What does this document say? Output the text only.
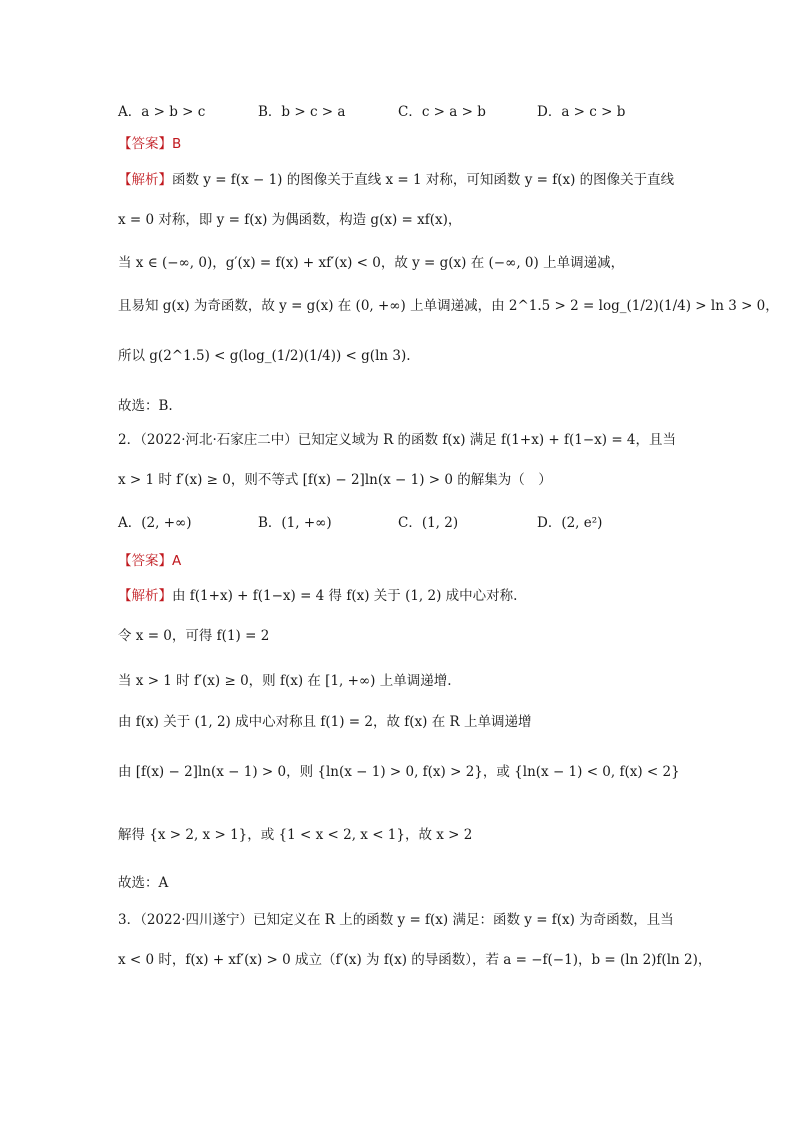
A．a > b > c	B．b > c > a	C．c > a > b	D．a > c > b
【答案】B
【解析】函数 y = f(x − 1) 的图像关于直线 x = 1 对称，可知函数 y = f(x) 的图像关于直线
x = 0 对称，即 y = f(x) 为偶函数，构造 g(x) = xf(x)，
当 x ∈ (−∞, 0)，g′(x) = f(x) + xf′(x) < 0，故 y = g(x) 在 (−∞, 0) 上单调递减，
且易知 g(x) 为奇函数，故 y = g(x) 在 (0, +∞) 上单调递减，由 2^1.5 > 2 = log_(1/2)(1/4) > ln 3 > 0，
所以 g(2^1.5) < g(log_(1/2)(1/4)) < g(ln 3).
故选：B.
2．（2022·河北·石家庄二中）已知定义域为 R 的函数 f(x) 满足 f(1+x) + f(1−x) = 4，且当
x > 1 时 f′(x) ≥ 0，则不等式 [f(x) − 2]ln(x − 1) > 0 的解集为（　）
A．(2, +∞)	B．(1, +∞)	C．(1, 2)	D．(2, e²)
【答案】A
【解析】由 f(1+x) + f(1−x) = 4 得 f(x) 关于 (1, 2) 成中心对称.
令 x = 0，可得 f(1) = 2
当 x > 1 时 f′(x) ≥ 0，则 f(x) 在 [1, +∞) 上单调递增.
由 f(x) 关于 (1, 2) 成中心对称且 f(1) = 2，故 f(x) 在 R 上单调递增
由 [f(x) − 2]ln(x − 1) > 0，则 {ln(x − 1) > 0, f(x) > 2}，或 {ln(x − 1) < 0, f(x) < 2}
解得 {x > 2, x > 1}，或 {1 < x < 2, x < 1}，故 x > 2
故选：A
3．（2022·四川遂宁）已知定义在 R 上的函数 y = f(x) 满足：函数 y = f(x) 为奇函数，且当
x < 0 时，f(x) + xf′(x) > 0 成立（f′(x) 为 f(x) 的导函数），若 a = −f(−1)，b = (ln 2)f(ln 2)，
